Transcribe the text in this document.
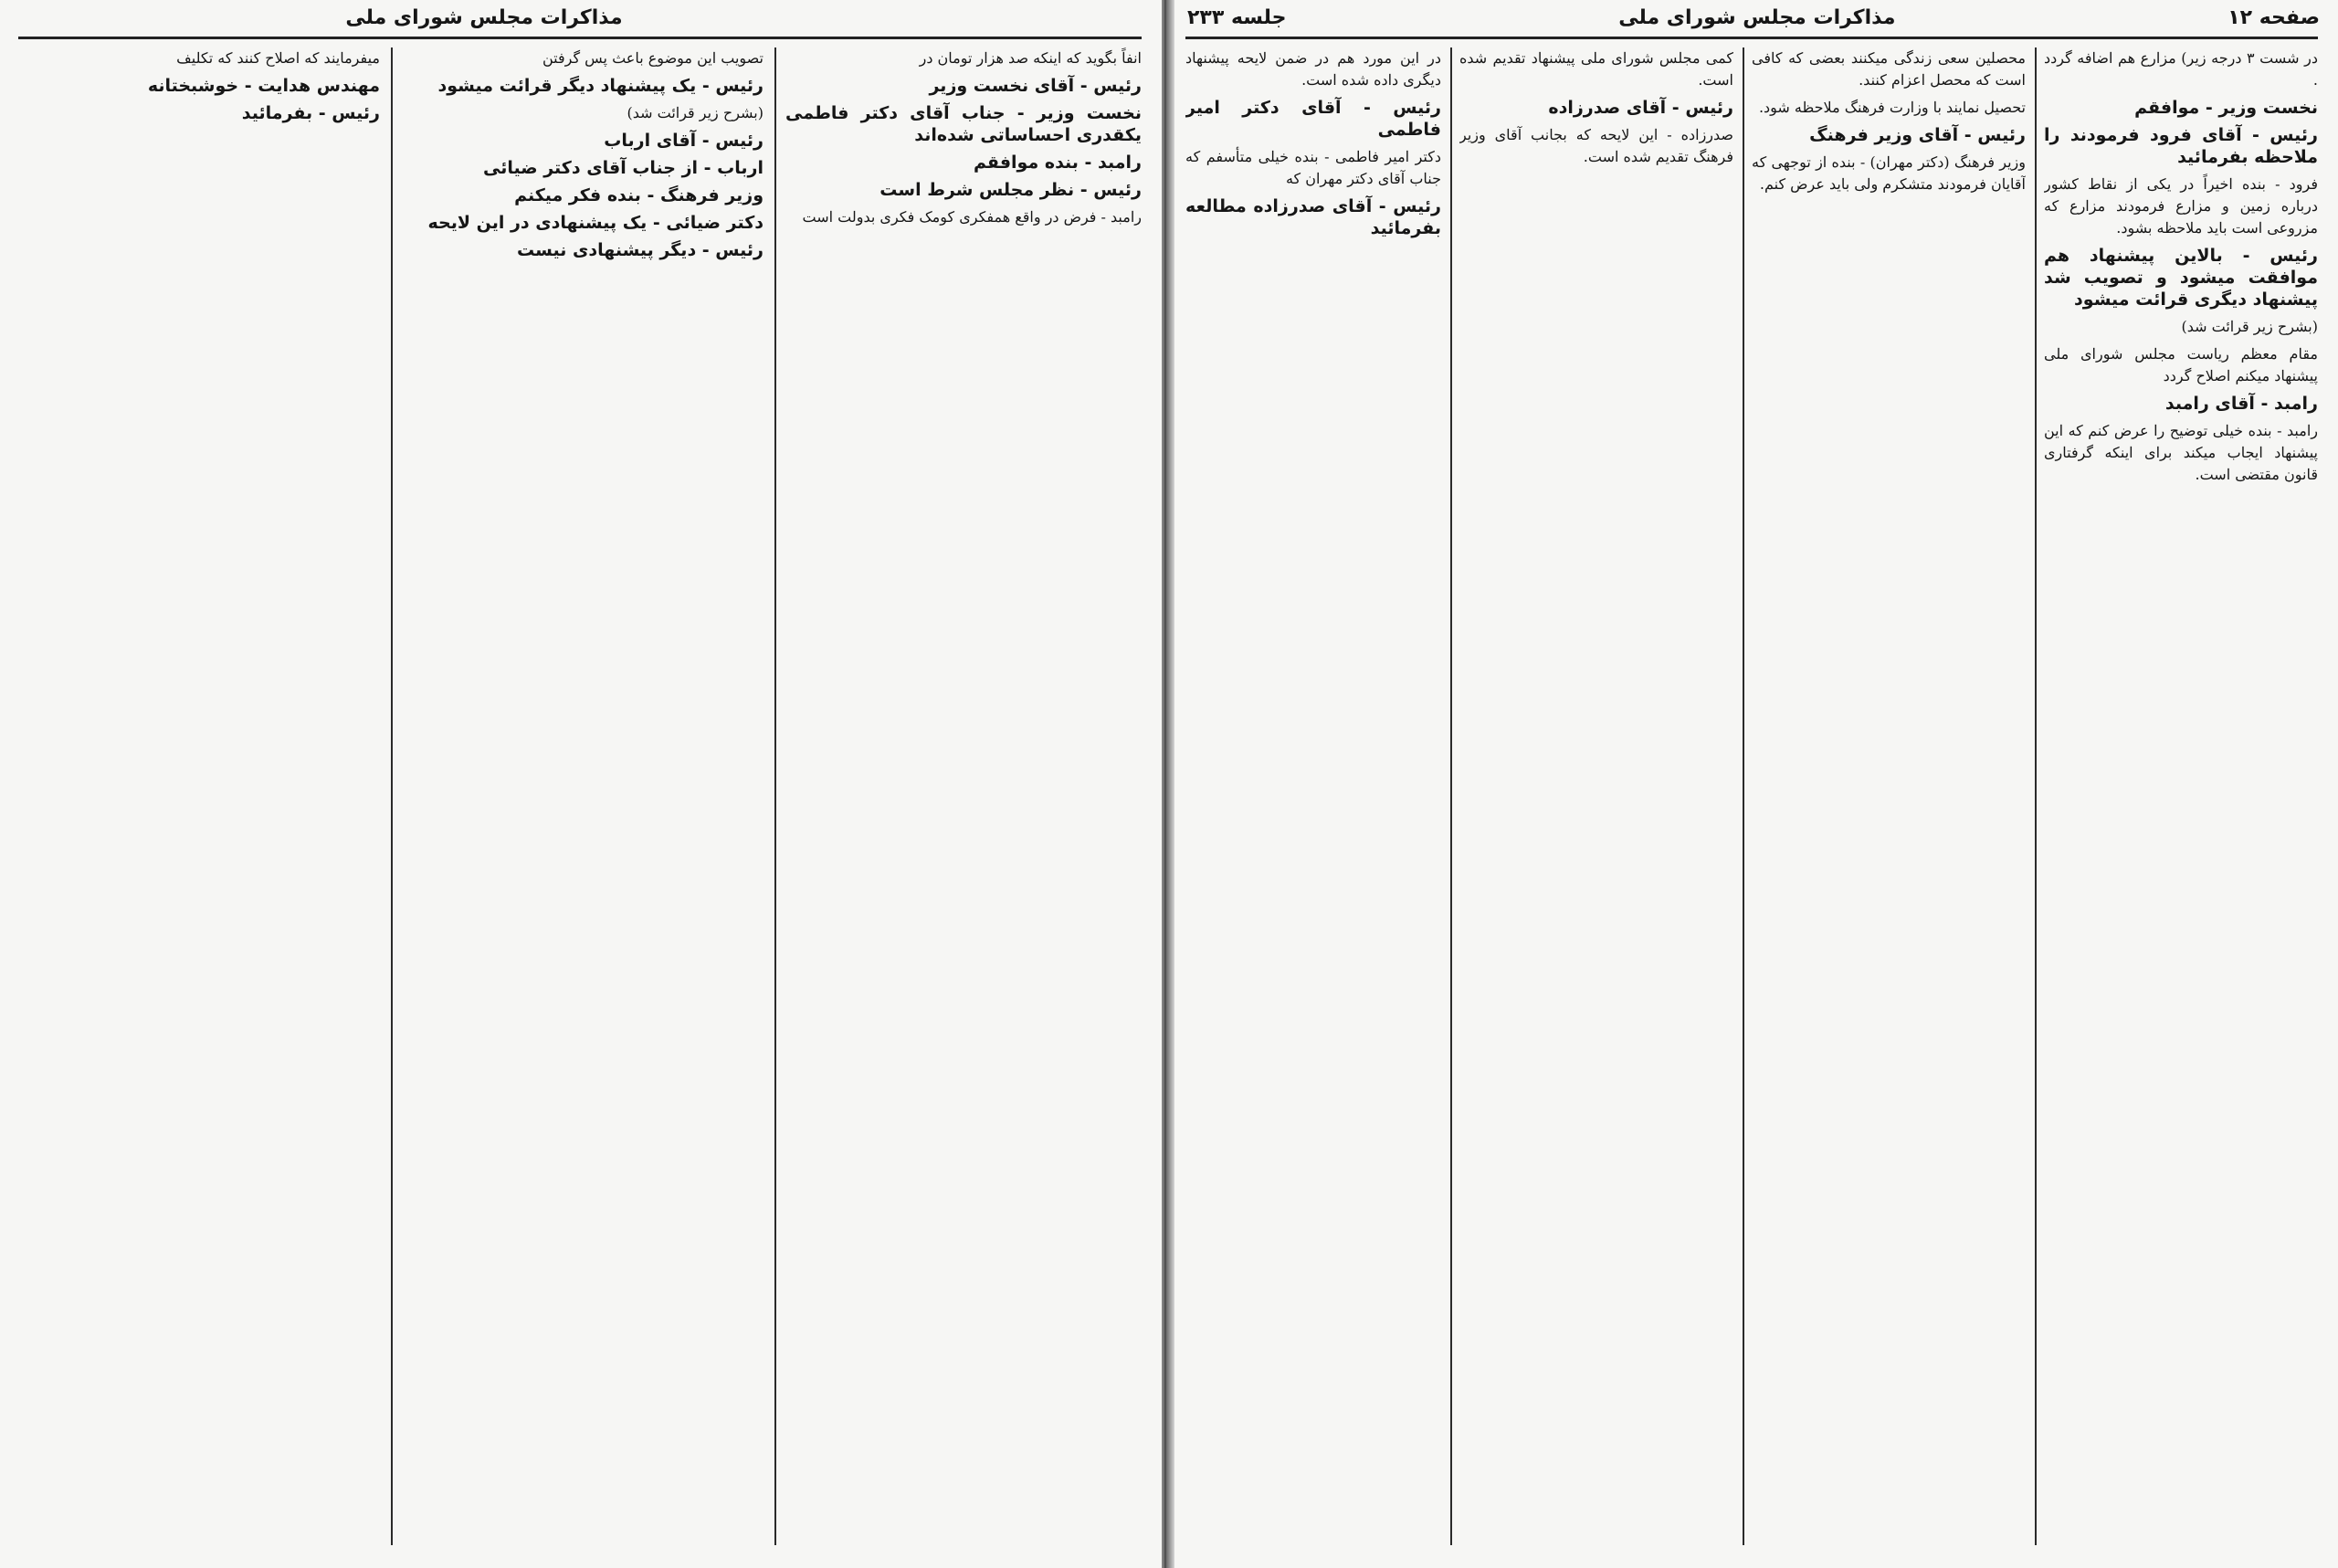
صفحه ۱۲
مذاکرات مجلس شورای ملی
جلسه ۲۳۳

در شست ۳ درجه زیر) مزارع هم اضافه گردد .

نخست وزیر - موافقم

رئیس - آقای فرود فرمودند را ملاحظه بفرمائید

فرود - بنده اخیراً در یکی از نقاط کشور درباره زمین و مزارع فرمودند مزارع که مزروعی است باید ملاحظه بشود.

رئیس - بالاین پیشنهاد هم موافقت میشود و تصویب شد پیشنهاد دیگری قرائت میشود

(بشرح زیر قرائت شد)

مقام معظم ریاست مجلس شورای ملی پیشنهاد میکنم اصلاح گردد

رامبد - آقای رامبد

رامبد - بنده خیلی توضیح را عرض کنم که این پیشنهاد ایجاب میکند برای اینکه گرفتاری قانون مقتضی است.

محصلین سعی زندگی میکنند بعضی که کافی است که محصل اعزام کنند.

تحصیل نمایند با وزارت فرهنگ ملاحظه شود.

رئیس - آقای وزیر فرهنگ

وزیر فرهنگ (دکتر مهران) - بنده از توجهی که آقایان فرمودند متشکرم ولی باید عرض کنم.

کمی مجلس شورای ملی پیشنهاد تقدیم شده است.

رئیس - آقای صدرزاده

صدرزاده - این لایحه که بجانب آقای وزیر فرهنگ تقدیم شده است.

در این مورد هم در ضمن لایحه پیشنهاد دیگری داده شده است.

رئیس - آقای دکتر امیر فاطمی

دکتر امیر فاطمی - بنده خیلی متأسفم که جناب آقای دکتر مهران که

رئیس - آقای صدرزاده مطالعه بفرمائید

مذاکرات مجلس شورای ملی

انفاً بگوید که اینکه صد هزار تومان در

رئیس - آقای نخست وزیر

نخست وزیر - جناب آقای دکتر فاطمی یکقدری احساساتی شده‌اند

رامبد - بنده موافقم

رئیس - نظر مجلس شرط است

رامبد - فرض در واقع همفکری کومک فکری بدولت است

تصویب این موضوع باعث پس گرفتن

رئیس - یک پیشنهاد دیگر قرائت میشود

(بشرح زیر قرائت شد)

رئیس - آقای ارباب

ارباب - از جناب آقای دکتر ضیائی

وزیر فرهنگ - بنده فکر میکنم

دکتر ضیائی - یک پیشنهادی در این لایحه

رئیس - دیگر پیشنهادی نیست

میفرمایند که اصلاح کنند که تکلیف

مهندس هدایت - خوشبختانه

رئیس - بفرمائید
